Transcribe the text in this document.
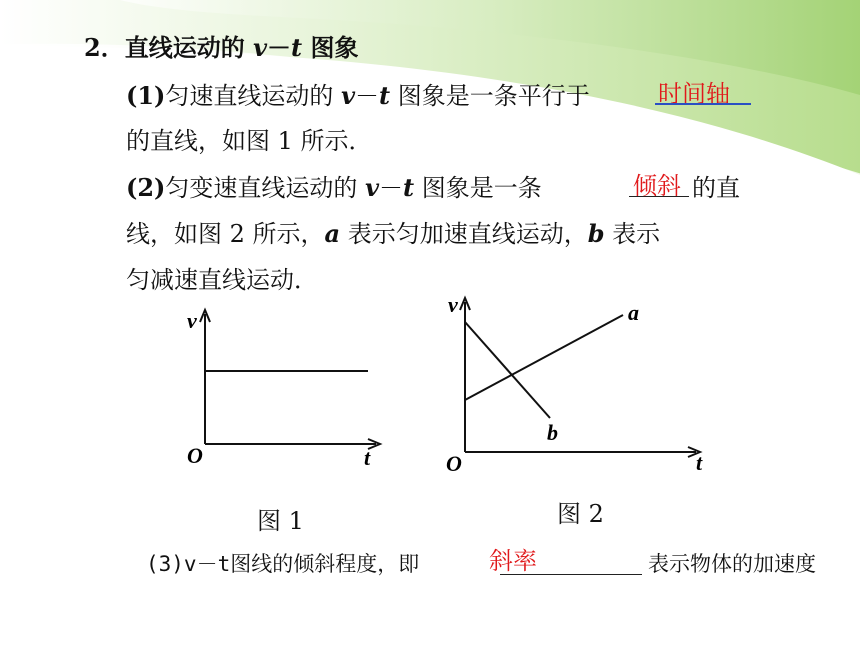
2．直线运动的 v－t 图象
(1)匀速直线运动的 v－t 图象是一条平行于	时间轴
的直线，如图 1 所示．
(2)匀变速直线运动的 v－t 图象是一条	倾斜 的直
线，如图 2 所示，a 表示匀加速直线运动，b 表示
匀减速直线运动．
v
t
O
图 1
a
b
v
t
O
图 2
(3)v－t图线的倾斜程度，即	斜率	表示物体的加速度
